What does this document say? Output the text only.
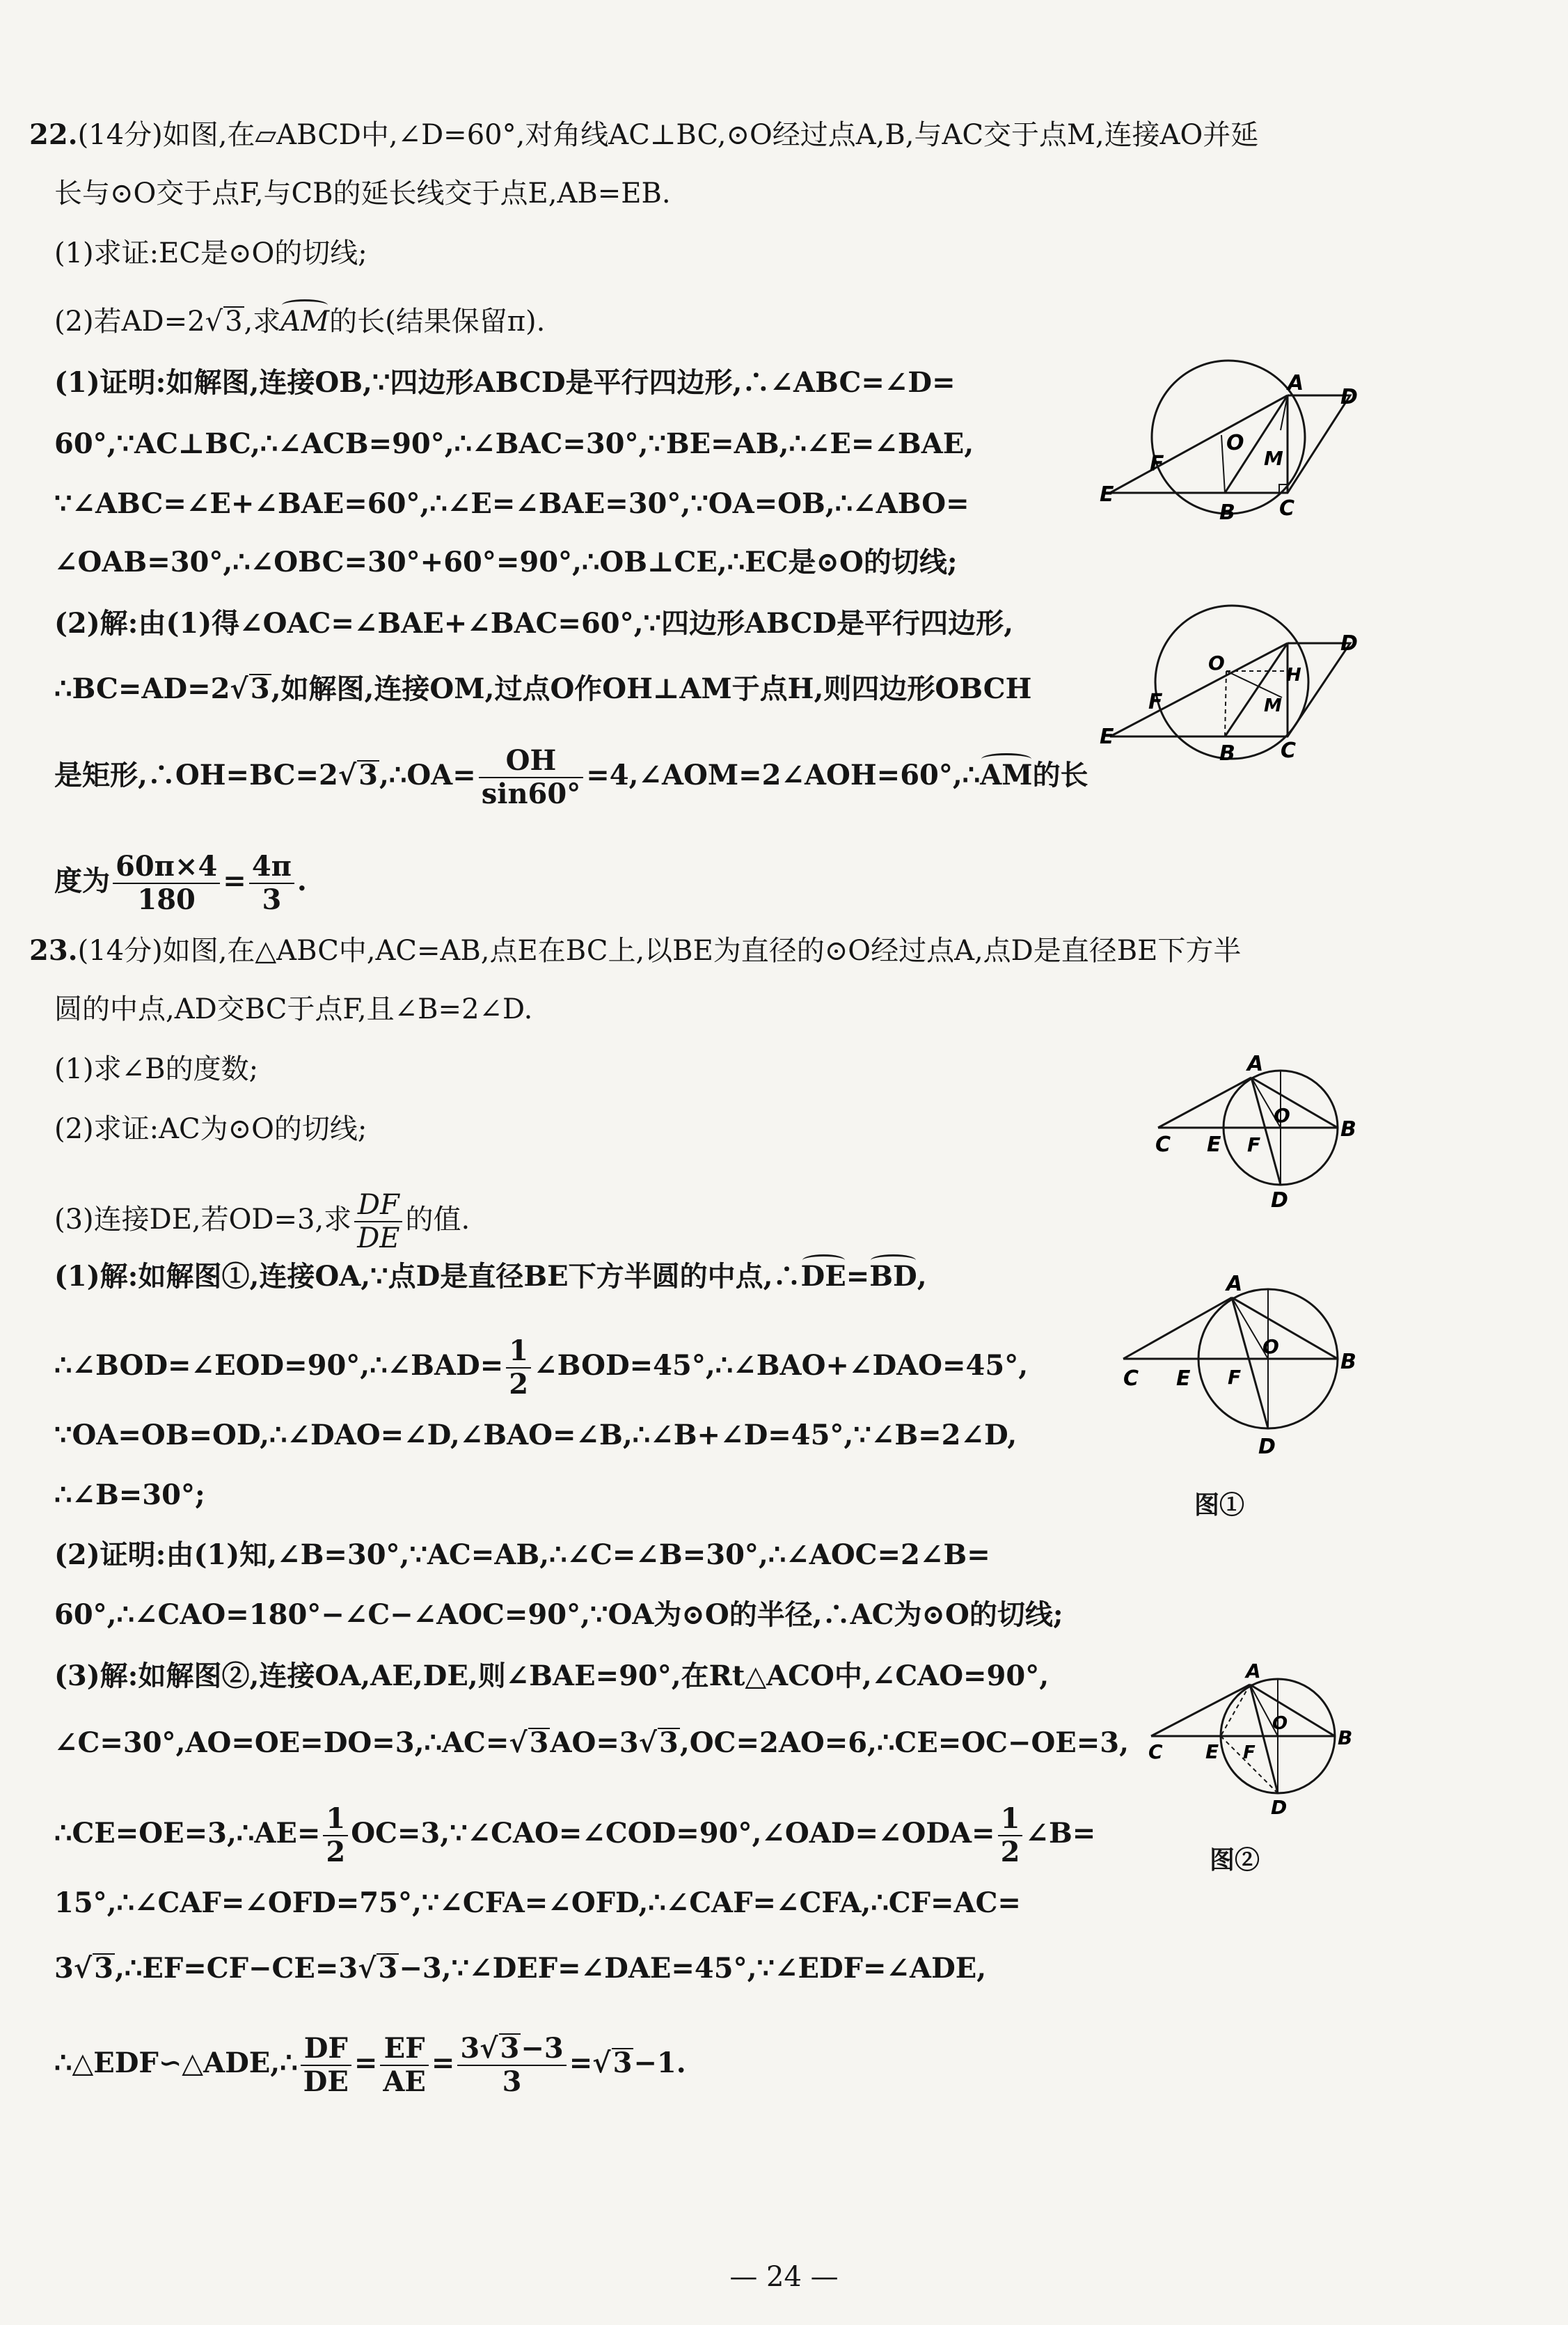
22.(14分)如图,在▱ABCD中,∠D=60°,对角线AC⊥BC,⊙O经过点A,B,与AC交于点M,连接AO并延
长与⊙O交于点F,与CB的延长线交于点E,AB=EB.
(1)求证:EC是⊙O的切线;
(2)若AD=2√3,求AM的长(结果保留π).
(1)证明:如解图,连接OB,∵四边形ABCD是平行四边形,∴∠ABC=∠D=
60°,∵AC⊥BC,∴∠ACB=90°,∴∠BAC=30°,∵BE=AB,∴∠E=∠BAE,
∵∠ABC=∠E+∠BAE=60°,∴∠E=∠BAE=30°,∵OA=OB,∴∠ABO=
∠OAB=30°,∴∠OBC=30°+60°=90°,∴OB⊥CE,∴EC是⊙O的切线;
(2)解:由(1)得∠OAC=∠BAE+∠BAC=60°,∵四边形ABCD是平行四边形,
∴BC=AD=2√3,如解图,连接OM,过点O作OH⊥AM于点H,则四边形OBCH
是矩形,∴OH=BC=2√3,∴OA= $\frac{OH}{\sin 60^\circ}$ =4,∠AOM=2∠AOH=60°,∴AM的长
度为 $\frac{60\pi\times 4}{180} = \frac{4\pi}{3}$ .
A
D
O
M
F
E
B C
O
H
D
F	M
E
B C
23.(14分)如图,在△ABC中,AC=AB,点E在BC上,以BE为直径的⊙O经过点A,点D是直径BE下方半
圆的中点,AD交BC于点F,且∠B=2∠D.
(1)求∠B的度数;
(2)求证:AC为⊙O的切线;
(3)连接DE,若OD=3,求 $\frac{DF}{DE}$ 的值.
(1)解:如解图①,连接OA,∵点D是直径BE下方半圆的中点,∴DE=BD,
∴∠BOD=∠EOD=90°,∴∠BAD= $\frac{1}{2}$ ∠BOD=45°,∴∠BAO+∠DAO=45°,
∵OA=OB=OD,∴∠DAO=∠D,∠BAO=∠B,∴∠B+∠D=45°,∵∠B=2∠D,
∴∠B=30°;
(2)证明:由(1)知,∠B=30°,∵AC=AB,∴∠C=∠B=30°,∴∠AOC=2∠B=
60°,∴∠CAO=180°−∠C−∠AOC=90°,∵OA为⊙O的半径,∴AC为⊙O的切线;
(3)解:如解图②,连接OA,AE,DE,则∠BAE=90°,在Rt△ACO中,∠CAO=90°,
∠C=30°,AO=OE=DO=3,∴AC=√3AO=3√3,OC=2AO=6,∴CE=OC−OE=3,
∴CE=OE=3,∴AE= $\frac{1}{2}$ OC=3,∵∠CAO=∠COD=90°,∠OAD=∠ODA= $\frac{1}{2}$ ∠B=
15°,∴∠CAF=∠OFD=75°,∵∠CFA=∠OFD,∴∠CAF=∠CFA,∴CF=AC=
3√3,∴EF=CF−CE=3√3−3,∵∠DEF=∠DAE=45°,∵∠EDF=∠ADE,
∴△EDF∽△ADE,∴ $\frac{DF}{DE} = \frac{EF}{AE} = \frac{3√3-3}{3} =√3-1$.
A
O
B
C E F
D
A
O
B
C E F
D
图①
A
O
B
C E F
D
图②
— 24 —
